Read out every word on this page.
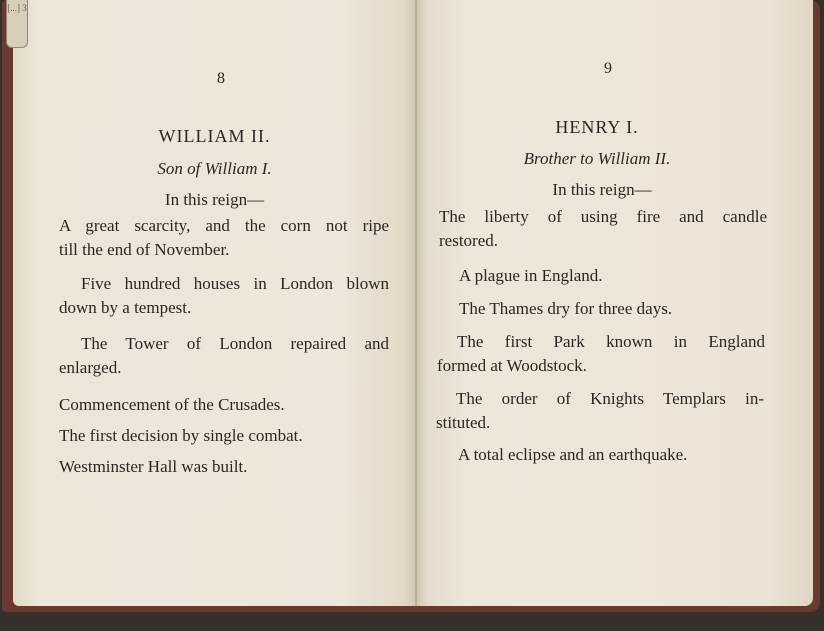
[...] 3
8
WILLIAM II.
Son of William I.
In this reign—
A great scarcity, and the corn not ripe
till the end of November.
Five hundred houses in London blown
down by a tempest.
The Tower of London repaired and
enlarged.
Commencement of the Crusades.
The first decision by single combat.
Westminster Hall was built.
9
HENRY I.
Brother to William II.
In this reign—
The liberty of using fire and candle
restored.
A plague in England.
The Thames dry for three days.
The first Park known in England
formed at Woodstock.
The order of Knights Templars in-
stituted.
A total eclipse and an earthquake.
